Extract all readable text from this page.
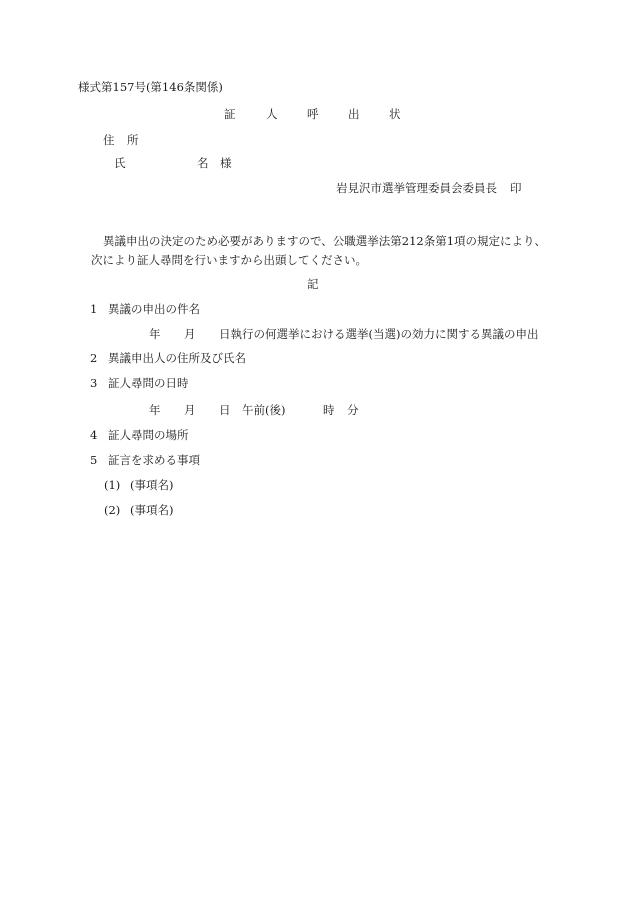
様式第157号(第146条関係)
証	人	呼	出	状
住 所
氏	名 様
岩見沢市選挙管理委員会委員長 印
異議申出の決定のため必要がありますので、公職選挙法第212条第1項の規定により、
次により証人尋問を行いますから出頭してください。
記
1 異議の申出の件名
年 月 日執行の何選挙における選挙(当選)の効力に関する異議の申出
2 異議申出人の住所及び氏名
3 証人尋問の日時
年 月 日 午前(後)	時 分
4 証人尋問の場所
5 証言を求める事項
(1) (事項名)
(2) (事項名)
